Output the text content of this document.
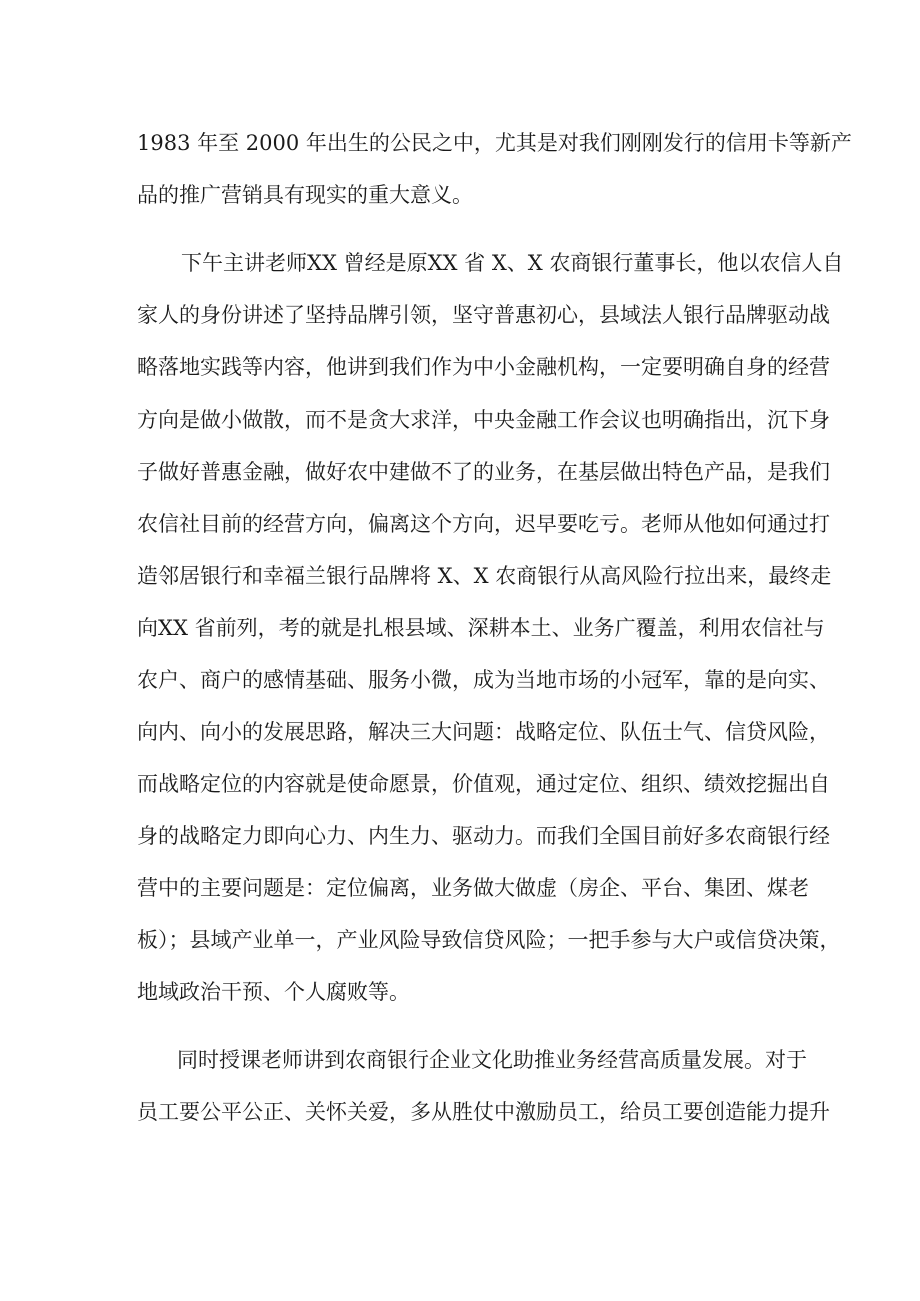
1983 年至 2000 年出生的公民之中，尤其是对我们刚刚发行的信用卡等新产
品的推广营销具有现实的重大意义。
下午主讲老师XX 曾经是原XX 省 X、X 农商银行董事长，他以农信人自
家人的身份讲述了坚持品牌引领，坚守普惠初心，县域法人银行品牌驱动战
略落地实践等内容，他讲到我们作为中小金融机构，一定要明确自身的经营
方向是做小做散，而不是贪大求洋，中央金融工作会议也明确指出，沉下身
子做好普惠金融，做好农中建做不了的业务，在基层做出特色产品，是我们
农信社目前的经营方向，偏离这个方向，迟早要吃亏。老师从他如何通过打
造邻居银行和幸福兰银行品牌将 X、X 农商银行从高风险行拉出来，最终走
向XX 省前列，考的就是扎根县域、深耕本土、业务广覆盖，利用农信社与
农户、商户的感情基础、服务小微，成为当地市场的小冠军，靠的是向实、
向内、向小的发展思路，解决三大问题：战略定位、队伍士气、信贷风险，
而战略定位的内容就是使命愿景，价值观，通过定位、组织、绩效挖掘出自
身的战略定力即向心力、内生力、驱动力。而我们全国目前好多农商银行经
营中的主要问题是：定位偏离，业务做大做虚（房企、平台、集团、煤老
板）；县域产业单一，产业风险导致信贷风险；一把手参与大户或信贷决策，
地域政治干预、个人腐败等。
同时授课老师讲到农商银行企业文化助推业务经营高质量发展。对于
员工要公平公正、关怀关爱，多从胜仗中激励员工，给员工要创造能力提升
